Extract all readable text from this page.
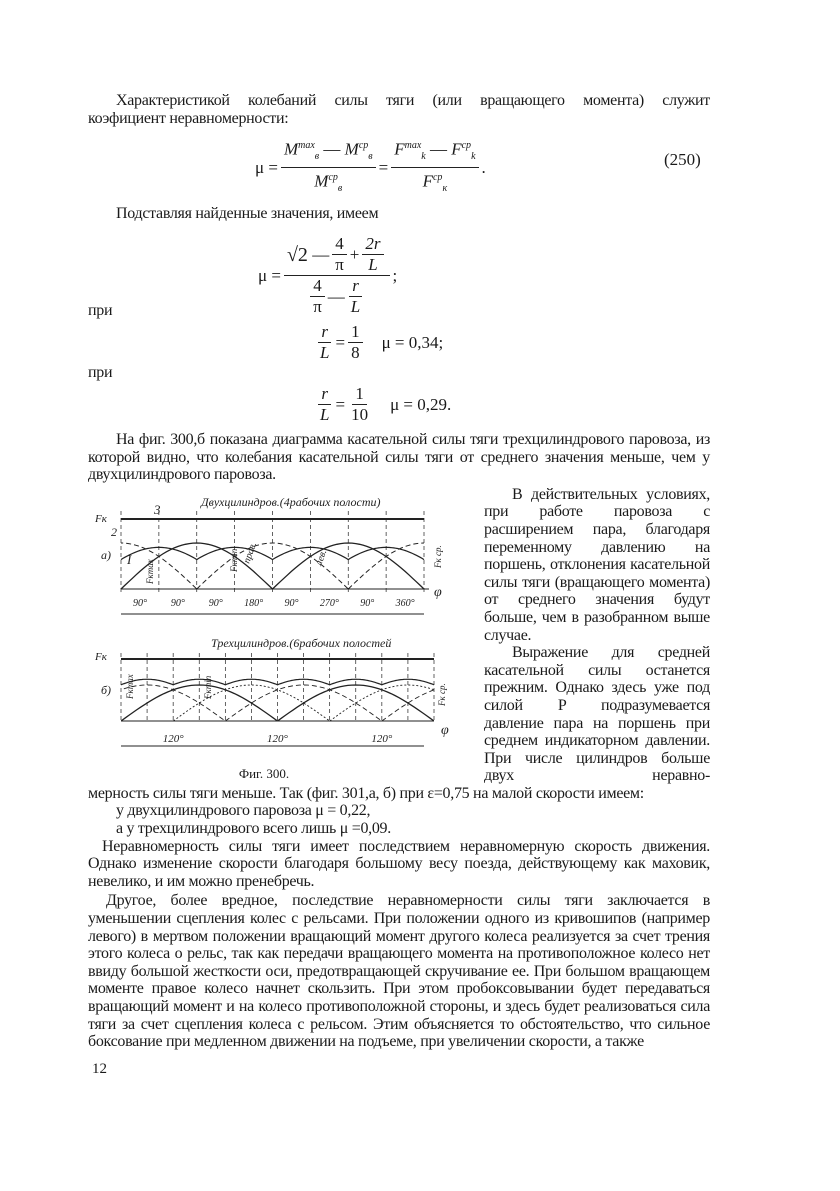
Характеристикой колебаний силы тяги (или вращающего момента) служит
коэфициент неравномерности:
$\mu = \frac{M^{max}_в — M^{cp}_в}{M^{cp}_в} = \frac{F^{max}_k — F^{cp}_k}{F^{cp}_к}$ .	(250)
Подставляя найденные значения, имеем
μ = √2
— $\frac{4}{\pi} + \frac{2r}{L}$
$\frac{4}{\pi}$ — $\frac{r}{L}$ ;
при
$\frac{r}{L} = \frac{1}{8}$ μ = 0,34;
при
$\frac{r}{L} = \frac{1}{10}$ μ = 0,29.
На фиг. 300,б показана диаграмма касательной силы тяги трехцилиндрового паровоза, из которой видно, что колебания касательной силы тяги от среднего значения меньше, чем у двухцилиндрового паровоза.
Двухцилиндров.(4рабочих полости)
3
Fк
2
a) I	прав.	лев.
Fкmax	Fкmin	Fк ср.
φ
90° 90° 90° 180° 90° 270° 90° 360°
Трехцилиндров.(6рабочих полостей
Fк
б) Fкmax	Fкmin	Fк ср.
φ
120°	120°	120°
Фиг. 300.
В действительных условиях, при работе паровоза с расширением пара, благодаря переменному давлению на поршень, отклонения касательной силы тяги (вращающего момента) от среднего значения будут больше, чем в разобранном выше случае.
Выражение для средней касательной силы останется прежним. Однако здесь уже под силой P подразумевается давление пара на поршень при среднем индикаторном давлении. При числе цилиндров больше двух неравно-
мерность силы тяги меньше. Так (фиг. 301,а, б) при ε=0,75 на малой скорости имеем:
у двухцилиндрового паровоза μ = 0,22,
а у трехцилиндрового всего лишь μ =0,09.
Неравномерность силы тяги имеет последствием неравномерную скорость движения. Однако изменение скорости благодаря большому весу поезда, действующему как маховик, невелико, и им можно пренебречь.
Другое, более вредное, последствие неравномерности силы тяги заключается в уменьшении сцепления колес с рельсами. При положении одного из кривошипов (например левого) в мертвом положении вращающий момент другого колеса реализуется за счет трения этого колеса о рельс, так как передачи вращающего момента на противоположное колесо нет ввиду большой жесткости оси, предотвращающей скручивание ее. При большом вращающем моменте правое колесо начнет скользить. При этом пробоксовывании будет передаваться вращающий момент и на колесо противоположной стороны, и здесь будет реализоваться сила тяги за счет сцепления колеса с рельсом. Этим объясняется то обстоятельство, что сильное боксование при медленном движении на подъеме, при увеличении скорости, а также
12
